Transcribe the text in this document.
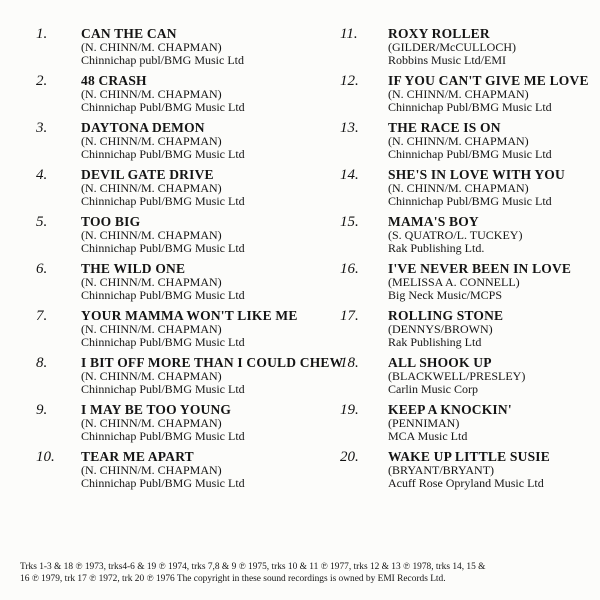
1.	CAN THE CAN
(N. CHINN/M. CHAPMAN)
Chinnichap publ/BMG Music Ltd
2.	48 CRASH
(N. CHINN/M. CHAPMAN)
Chinnichap Publ/BMG Music Ltd
3.	DAYTONA DEMON
(N. CHINN/M. CHAPMAN)
Chinnichap Publ/BMG Music Ltd
4.	DEVIL GATE DRIVE
(N. CHINN/M. CHAPMAN)
Chinnichap Publ/BMG Music Ltd
5.	TOO BIG
(N. CHINN/M. CHAPMAN)
Chinnichap Publ/BMG Music Ltd
6.	THE WILD ONE
(N. CHINN/M. CHAPMAN)
Chinnichap Publ/BMG Music Ltd
7.	YOUR MAMMA WON'T LIKE ME
(N. CHINN/M. CHAPMAN)
Chinnichap Publ/BMG Music Ltd
8.	I BIT OFF MORE THAN I COULD CHEW
(N. CHINN/M. CHAPMAN)
Chinnichap Publ/BMG Music Ltd
9.	I MAY BE TOO YOUNG
(N. CHINN/M. CHAPMAN)
Chinnichap Publ/BMG Music Ltd
10. TEAR ME APART
(N. CHINN/M. CHAPMAN)
Chinnichap Publ/BMG Music Ltd
11. ROXY ROLLER
(GILDER/McCULLOCH)
Robbins Music Ltd/EMI
12. IF YOU CAN'T GIVE ME LOVE
(N. CHINN/M. CHAPMAN)
Chinnichap Publ/BMG Music Ltd
13. THE RACE IS ON
(N. CHINN/M. CHAPMAN)
Chinnichap Publ/BMG Music Ltd
14. SHE'S IN LOVE WITH YOU
(N. CHINN/M. CHAPMAN)
Chinnichap Publ/BMG Music Ltd
15. MAMA'S BOY
(S. QUATRO/L. TUCKEY)
Rak Publishing Ltd.
16. I'VE NEVER BEEN IN LOVE
(MELISSA A. CONNELL)
Big Neck Music/MCPS
17. ROLLING STONE
(DENNYS/BROWN)
Rak Publishing Ltd
18. ALL SHOOK UP
(BLACKWELL/PRESLEY)
Carlin Music Corp
19. KEEP A KNOCKIN'
(PENNIMAN)
MCA Music Ltd
20. WAKE UP LITTLE SUSIE
(BRYANT/BRYANT)
Acuff Rose Opryland Music Ltd
Trks 1-3 & 18 ℗ 1973, trks4-6 & 19 ℗ 1974, trks 7,8 & 9 ℗ 1975, trks 10 & 11 ℗ 1977, trks 12 & 13 ℗ 1978, trks 14, 15 &
16 ℗ 1979, trk 17 ℗ 1972, trk 20 ℗ 1976 The copyright in these sound recordings is owned by EMI Records Ltd.
